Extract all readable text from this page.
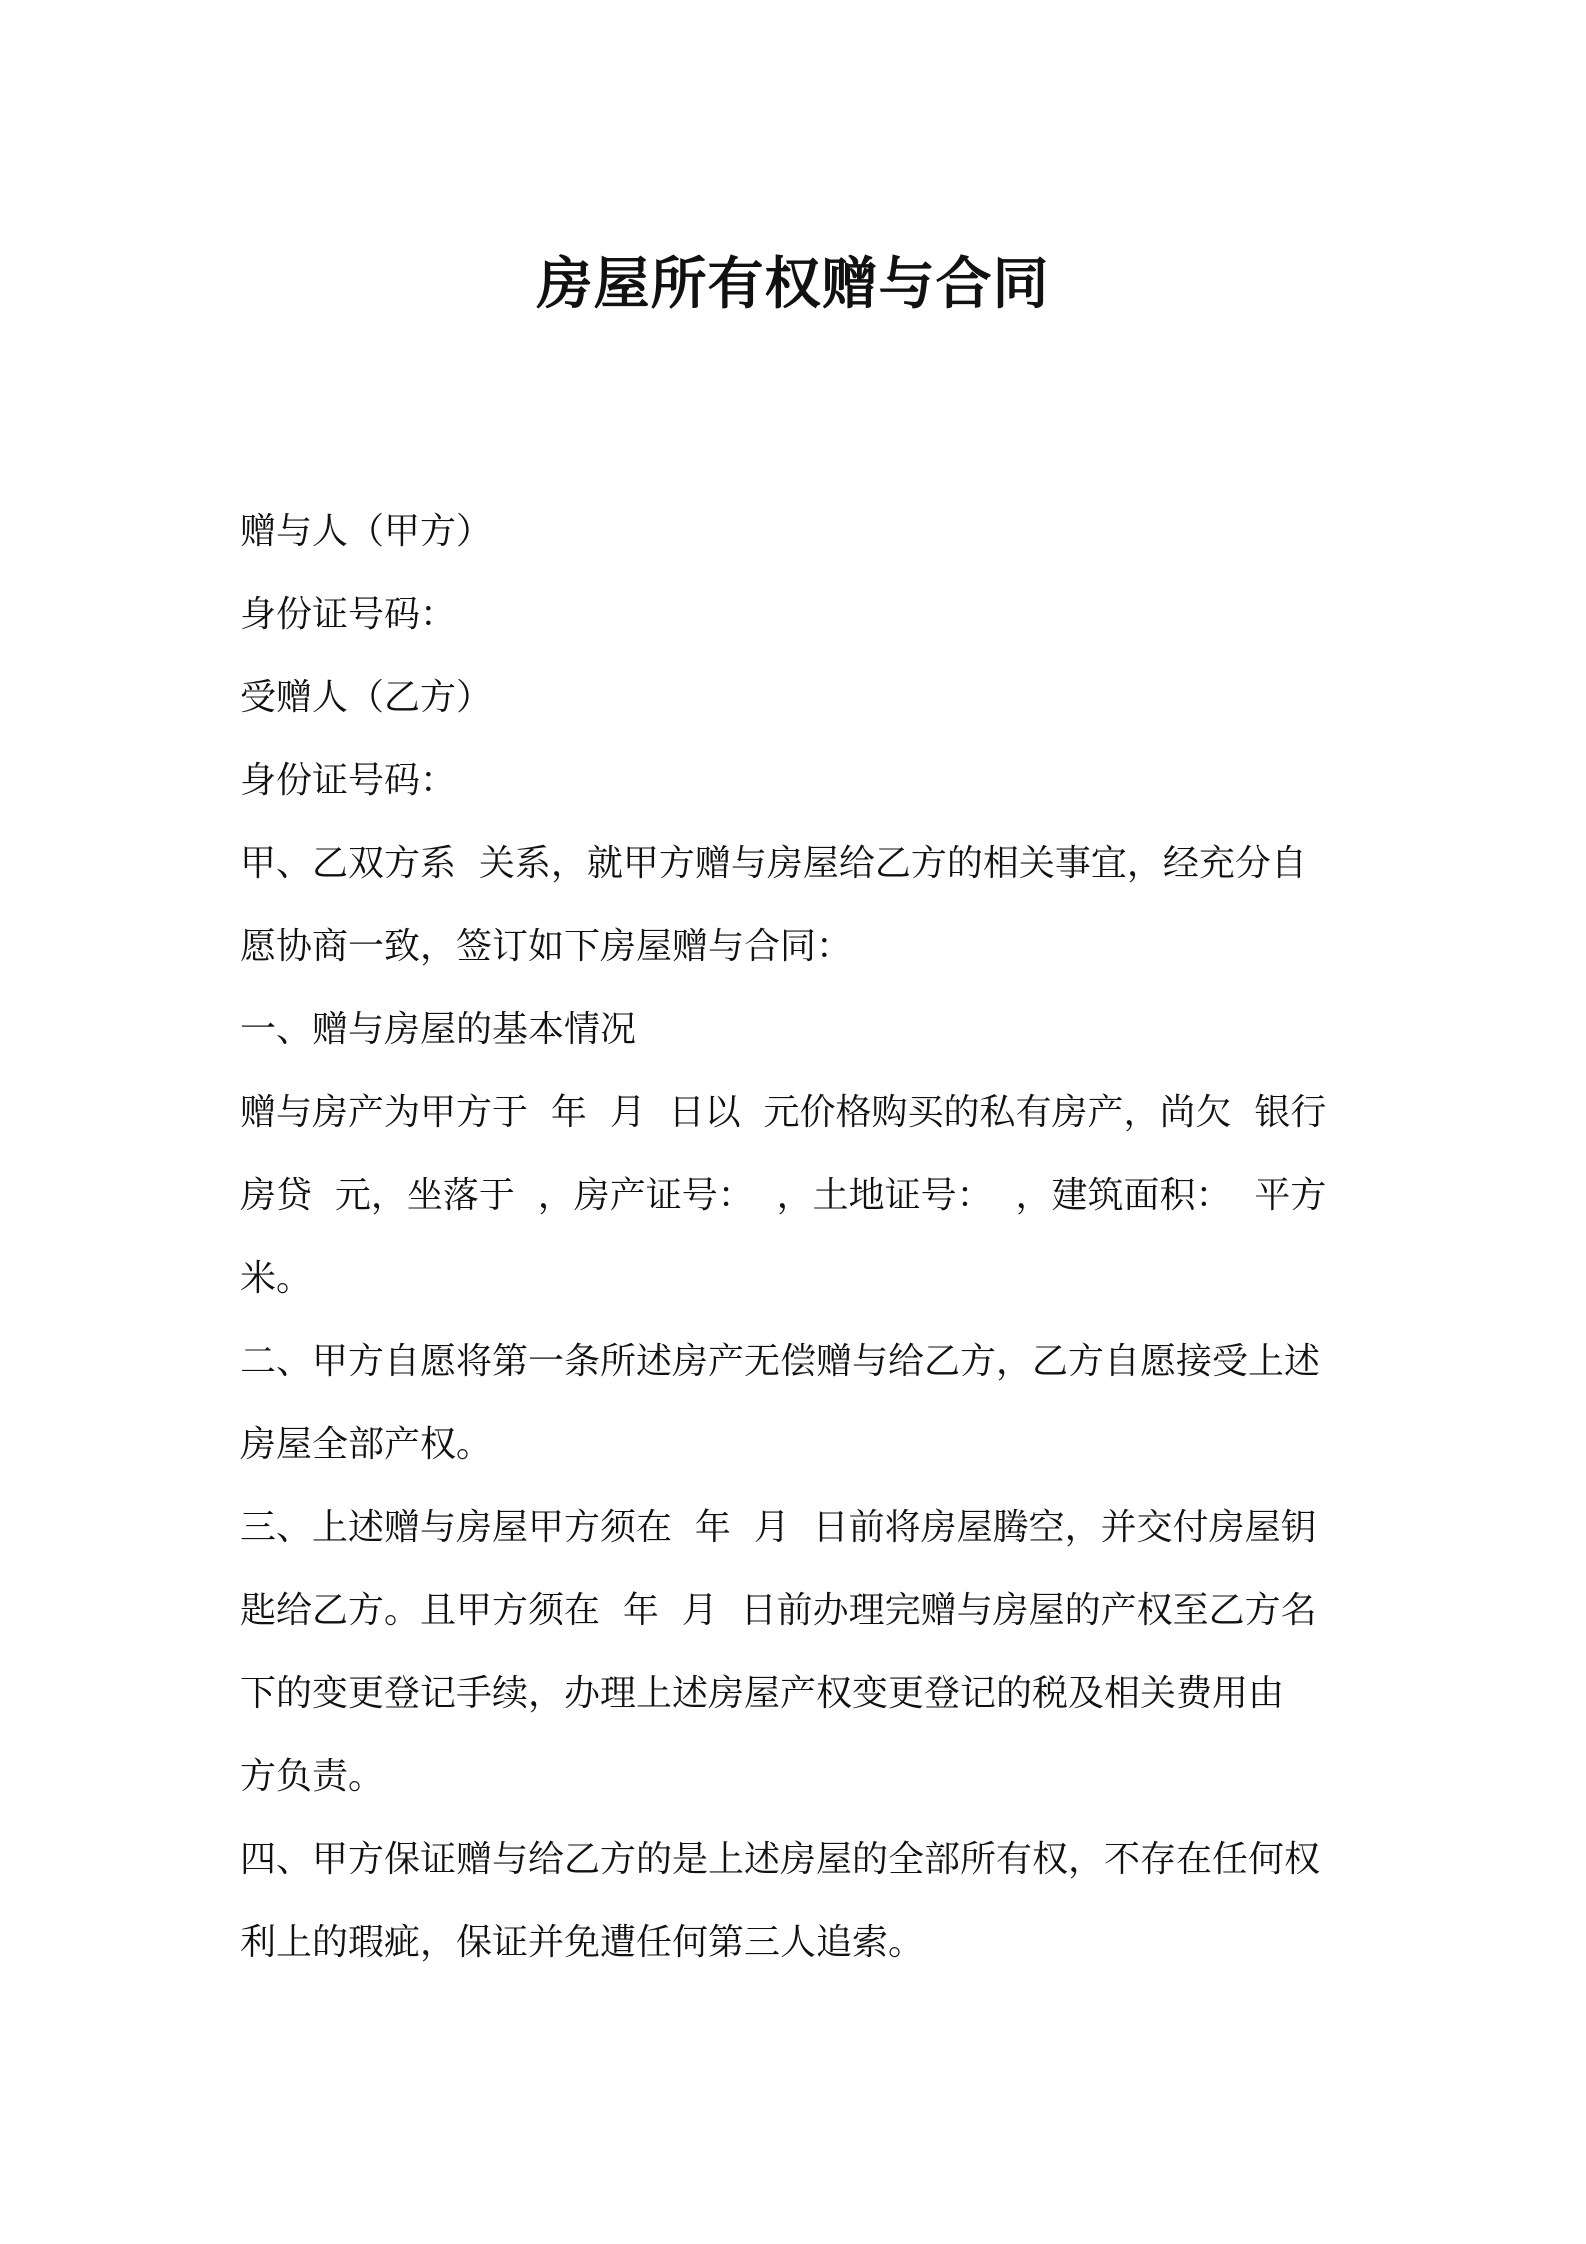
房屋所有权赠与合同
赠与人（甲方）
身份证号码：
受赠人（乙方）
身份证号码：
甲、乙双方系  关系，就甲方赠与房屋给乙方的相关事宜，经充分自
愿协商一致，签订如下房屋赠与合同：
一、赠与房屋的基本情况
赠与房产为甲方于  年  月  日以  元价格购买的私有房产，尚欠  银行
房贷  元，坐落于  ，房产证号：  ，土地证号：  ，建筑面积：  平方
米。
二、甲方自愿将第一条所述房产无偿赠与给乙方，乙方自愿接受上述
房屋全部产权。
三、上述赠与房屋甲方须在  年  月  日前将房屋腾空，并交付房屋钥
匙给乙方。且甲方须在  年  月  日前办理完赠与房屋的产权至乙方名
下的变更登记手续，办理上述房屋产权变更登记的税及相关费用由
方负责。
四、甲方保证赠与给乙方的是上述房屋的全部所有权，不存在任何权
利上的瑕疵，保证并免遭任何第三人追索。
